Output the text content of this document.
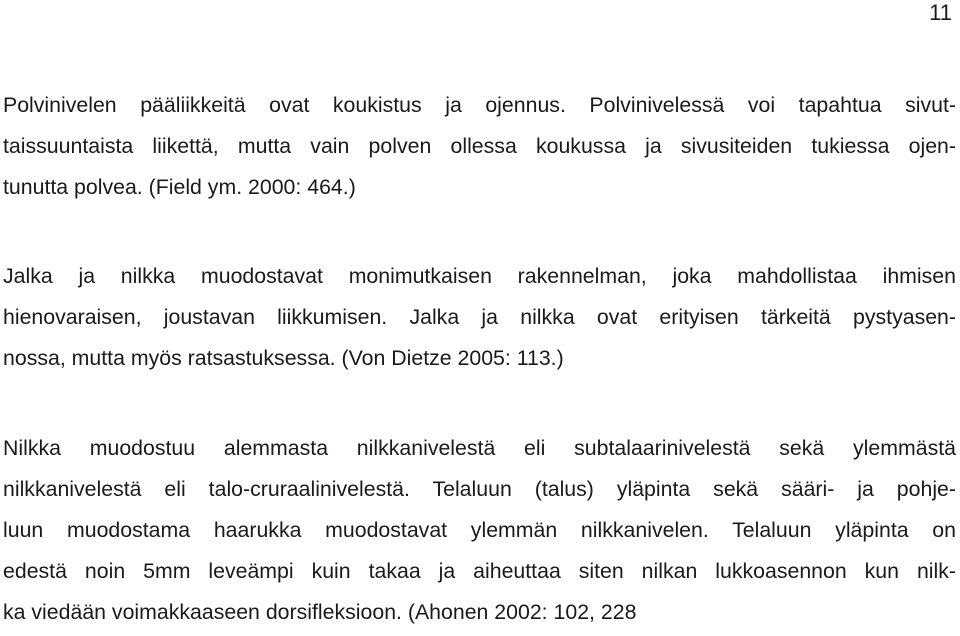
11

Polvinivelen pääliikkeitä ovat koukistus ja ojennus. Polvinivelessä voi tapahtua sivut-
taissuuntaista liikettä, mutta vain polven ollessa koukussa ja sivusiteiden tukiessa ojen-
tunutta polvea. (Field ym. 2000: 464.)

Jalka ja nilkka muodostavat monimutkaisen rakennelman, joka mahdollistaa ihmisen
hienovaraisen, joustavan liikkumisen. Jalka ja nilkka ovat erityisen tärkeitä pystyasen-
nossa, mutta myös ratsastuksessa. (Von Dietze 2005: 113.)

Nilkka muodostuu alemmasta nilkkanivelestä eli subtalaarinivelestä sekä ylemmästä
nilkkanivelestä eli talo-cruraalinivelestä. Telaluun (talus) yläpinta sekä sääri- ja pohje-
luun muodostama haarukka muodostavat ylemmän nilkkanivelen. Telaluun yläpinta on
edestä noin 5mm leveämpi kuin takaa ja aiheuttaa siten nilkan lukkoasennon kun nilk-
ka viedään voimakkaaseen dorsifleksioon. (Ahonen 2002: 102, 228
